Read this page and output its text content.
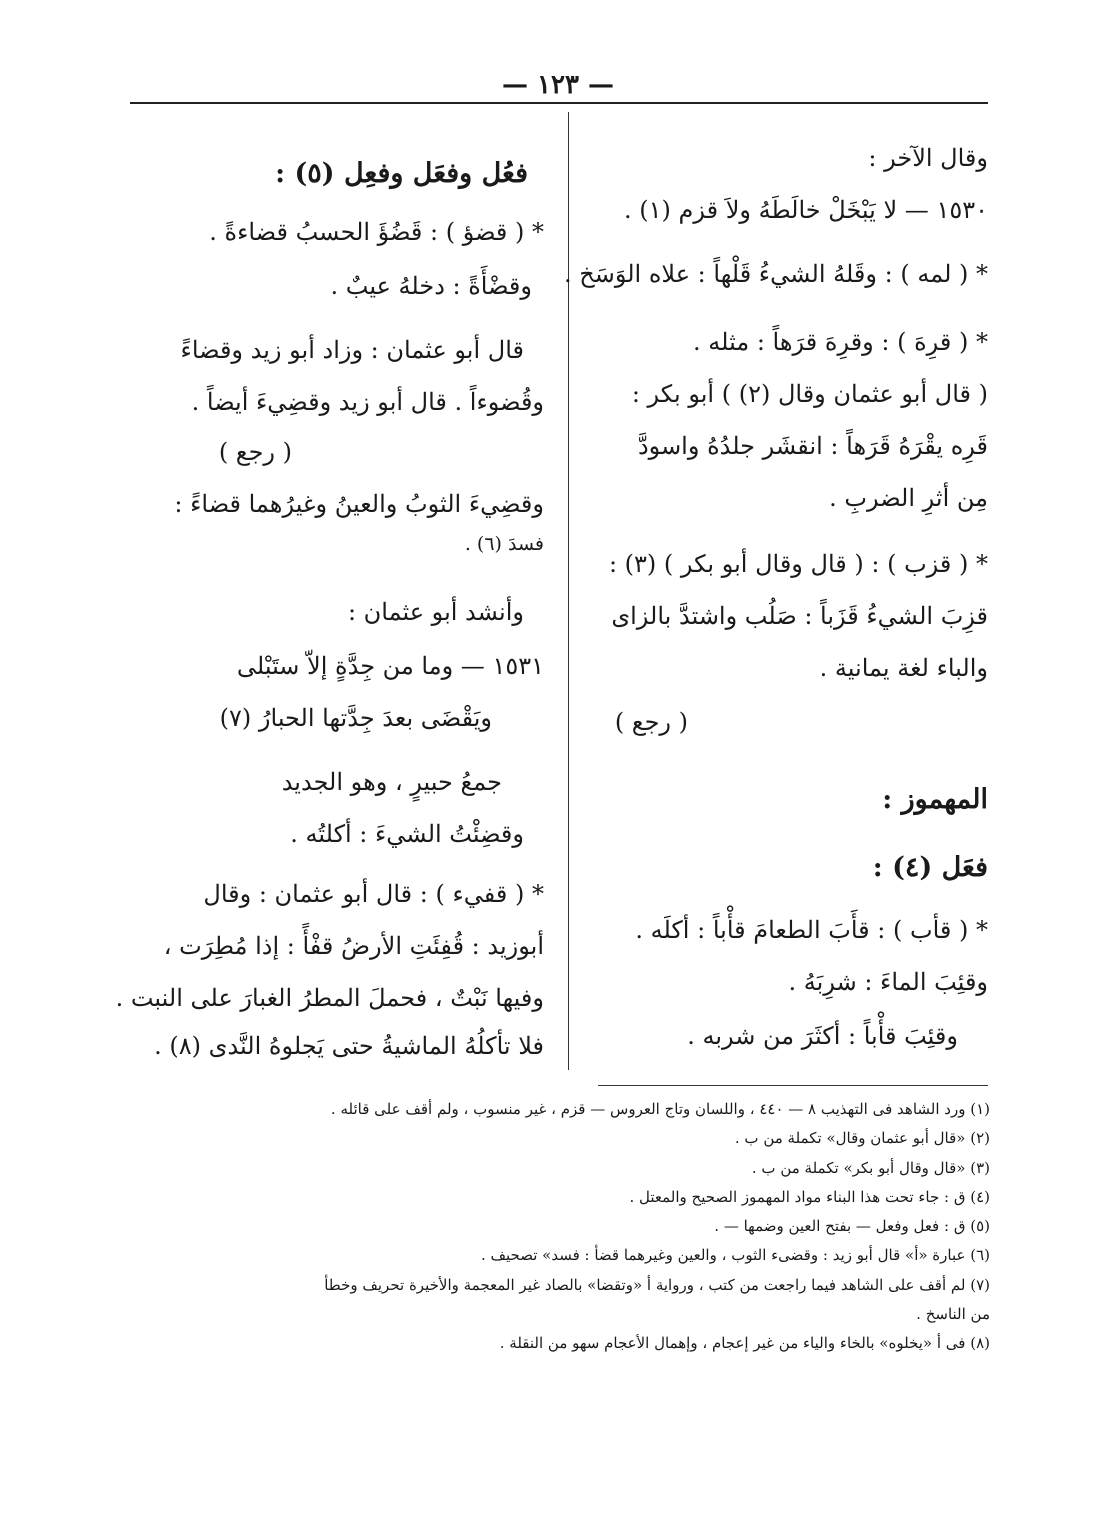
— ١٢٣ —
وقال الآخر :
١٥٣٠ — لا يَبْخَلْ خالَطَهُ ولاَ قزم (١) .
* ( لمه ) : وقَلهُ الشيءُ قَلْهاً : علاه الوَسَخ .
* ( قرِهَ ) : وقرِهَ قرَهاً : مثله .
( قال أبو عثمان وقال (٢) ) أبو بكر :
قَرِه يقْرَهُ قَرَهاً : انقشَر جلدُهُ واسودَّ
مِن أثرِ الضربِ .
* ( قزب ) : ( قال وقال أبو بكر ) (٣) :
قزِبَ الشيءُ قَزَباً : صَلُب واشتدَّ بالزاى
والباء لغة يمانية .
( رجع )
المهموز :
فعَل (٤) :
* ( قأب ) : قأَبَ الطعامَ قأْباً : أكلَه .
وقئِبَ الماءَ : شرِبَهُ .
وقئِبَ قأْباً : أكثَرَ من شربه .
فعُل وفعَل وفعِل (٥) :
* ( قضؤ ) : قَضُؤَ الحسبُ قضاءةً .
وقضْأَةً : دخلهُ عيبٌ .
قال أبو عثمان : وزاد أبو زيد وقضاءً
وقُضوءاً . قال أبو زيد وقضِيءَ أيضاً .
( رجع )
وقضِيءَ الثوبُ والعينُ وغيرُهما قضاءً :
فسدَ (٦) .
وأنشد أبو عثمان :
١٥٣١ — وما من جِدَّةٍ إلاّ ستَبْلى
ويَقْضَى بعدَ جِدَّتها الحبارُ (٧)
جمعُ حبيرٍ ، وهو الجديد
وقضِئْتُ الشيءَ : أكلتُه .
* ( قفيء ) : قال أبو عثمان : وقال
أبوزيد : قُفِئَتِ الأرضُ قفْأً : إذا مُطِرَت ،
وفيها نَبْتٌ ، فحملَ المطرُ الغبارَ على النبت .
فلا تأكلُهُ الماشيةُ حتى يَجلوهُ النَّدى (٨) .
(١) ورد الشاهد فى التهذيب ٨ — ٤٤٠ ، واللسان وتاج العروس — قزم ، غير منسوب ، ولم أقف على قائله .
(٢) «قال أبو عثمان وقال» تكملة من ب .
(٣) «قال وقال أبو بكر» تكملة من ب .
(٤) ق : جاء تحت هذا البناء مواد المهموز الصحيح والمعتل .
(٥) ق : فعل وفعل — بفتح العين وضمها — .
(٦) عبارة «أ» قال أبو زيد : وقضىء الثوب ، والعين وغيرهما قضأ : فسد» تصحيف .
(٧) لم أقف على الشاهد فيما راجعت من كتب ، ورواية أ «وتقضا» بالصاد غير المعجمة والأخيرة تحريف وخطأ
من الناسخ .
(٨) فى أ «يخلوه» بالخاء والياء من غير إعجام ، وإهمال الأعجام سهو من النقلة .
